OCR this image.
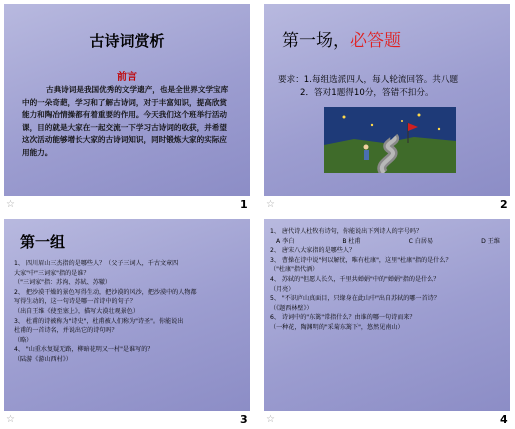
古诗词赏析
前言
古典诗词是我国优秀的文学遗产，也是全世界文学宝库中的一朵奇葩，学习和了解古诗词，对于丰富知识，提高欣赏能力和陶冶情操都有着重要的作用。今天我们这个班举行活动课，目的就是大家在一起交流一下学习古诗词的收获，并希望这次活动能够增长大家的古诗词知识，同时锻炼大家的实际应用能力。
☆	1
第一场，必答题
要求：1.每组选派四人，每人轮流回答。共八题
2．答对1题得10分，答错不扣分。
☆	2
第一组
1、 四川眉山三杰指的是哪些人？（父子三词人，千古文章四
大家"中"三词家"指的是谁？
（"三词家"指：苏洵、苏轼、苏辙）
2、 把沙漠干燥的景色写得生动，把沙漠的风沙，把沙漠中的人物都
写得生动的，这一句诗是哪一首诗中的句子？
（出自王维《使至塞上》，描写大漠壮观景色）
3、 杜甫的诗被称为"诗史"，杜甫被人们称为"诗圣"。你能说出
杜甫的一首诗名，并说出它的诗句吗？
（略）
4、 "山重水复疑无路，柳暗花明又一村"是谁写的？
（陆游《游山西村》）
☆	3
1、 唐代诗人杜牧有诗句，你能说出下列诗人的字号吗？
A 李白	B 杜甫	C 白居易	D 王维
2、 唐宋八大家指的是哪些人？
3、 曹操在诗中说"何以解忧，唯有杜康"，这里"杜康"指的是什么？
（"杜康"指代酒）
4、 苏轼的"但愿人长久，千里共婵娟"中的"婵娟"指的是什么？
（月亮）
5、 "不识庐山真面目，只缘身在此山中"出自苏轼的哪一首诗？
（《题西林壁》）
6、 诗词中的"东篱"常指什么？由谁的哪一句诗而来？
（一种花，陶渊明的"采菊东篱下"，悠然见南山）
☆	4
